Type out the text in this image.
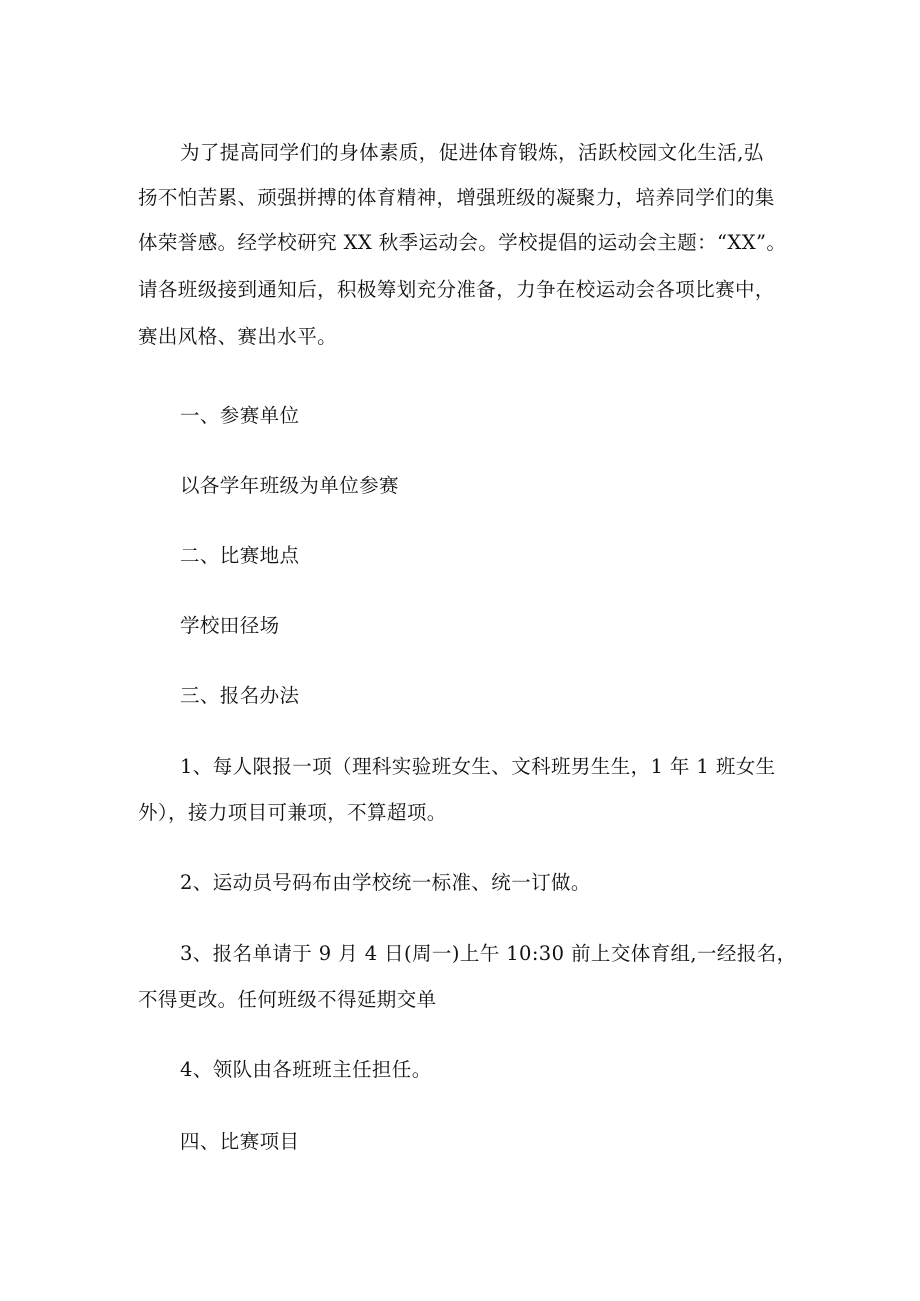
为了提高同学们的身体素质，促进体育锻炼，活跃校园文化生活,弘
扬不怕苦累、顽强拼搏的体育精神，增强班级的凝聚力，培养同学们的集
体荣誉感。经学校研究 XX 秋季运动会。学校提倡的运动会主题：“XX”。
请各班级接到通知后，积极筹划充分准备，力争在校运动会各项比赛中，
赛出风格、赛出水平。
一、参赛单位
以各学年班级为单位参赛
二、比赛地点
学校田径场
三、报名办法
1、每人限报一项（理科实验班女生、文科班男生生，1 年 1 班女生
外），接力项目可兼项，不算超项。
2、运动员号码布由学校统一标准、统一订做。
3、报名单请于 9 月 4 日(周一)上午 10:30 前上交体育组,一经报名，
不得更改。任何班级不得延期交单
4、领队由各班班主任担任。
四、比赛项目
